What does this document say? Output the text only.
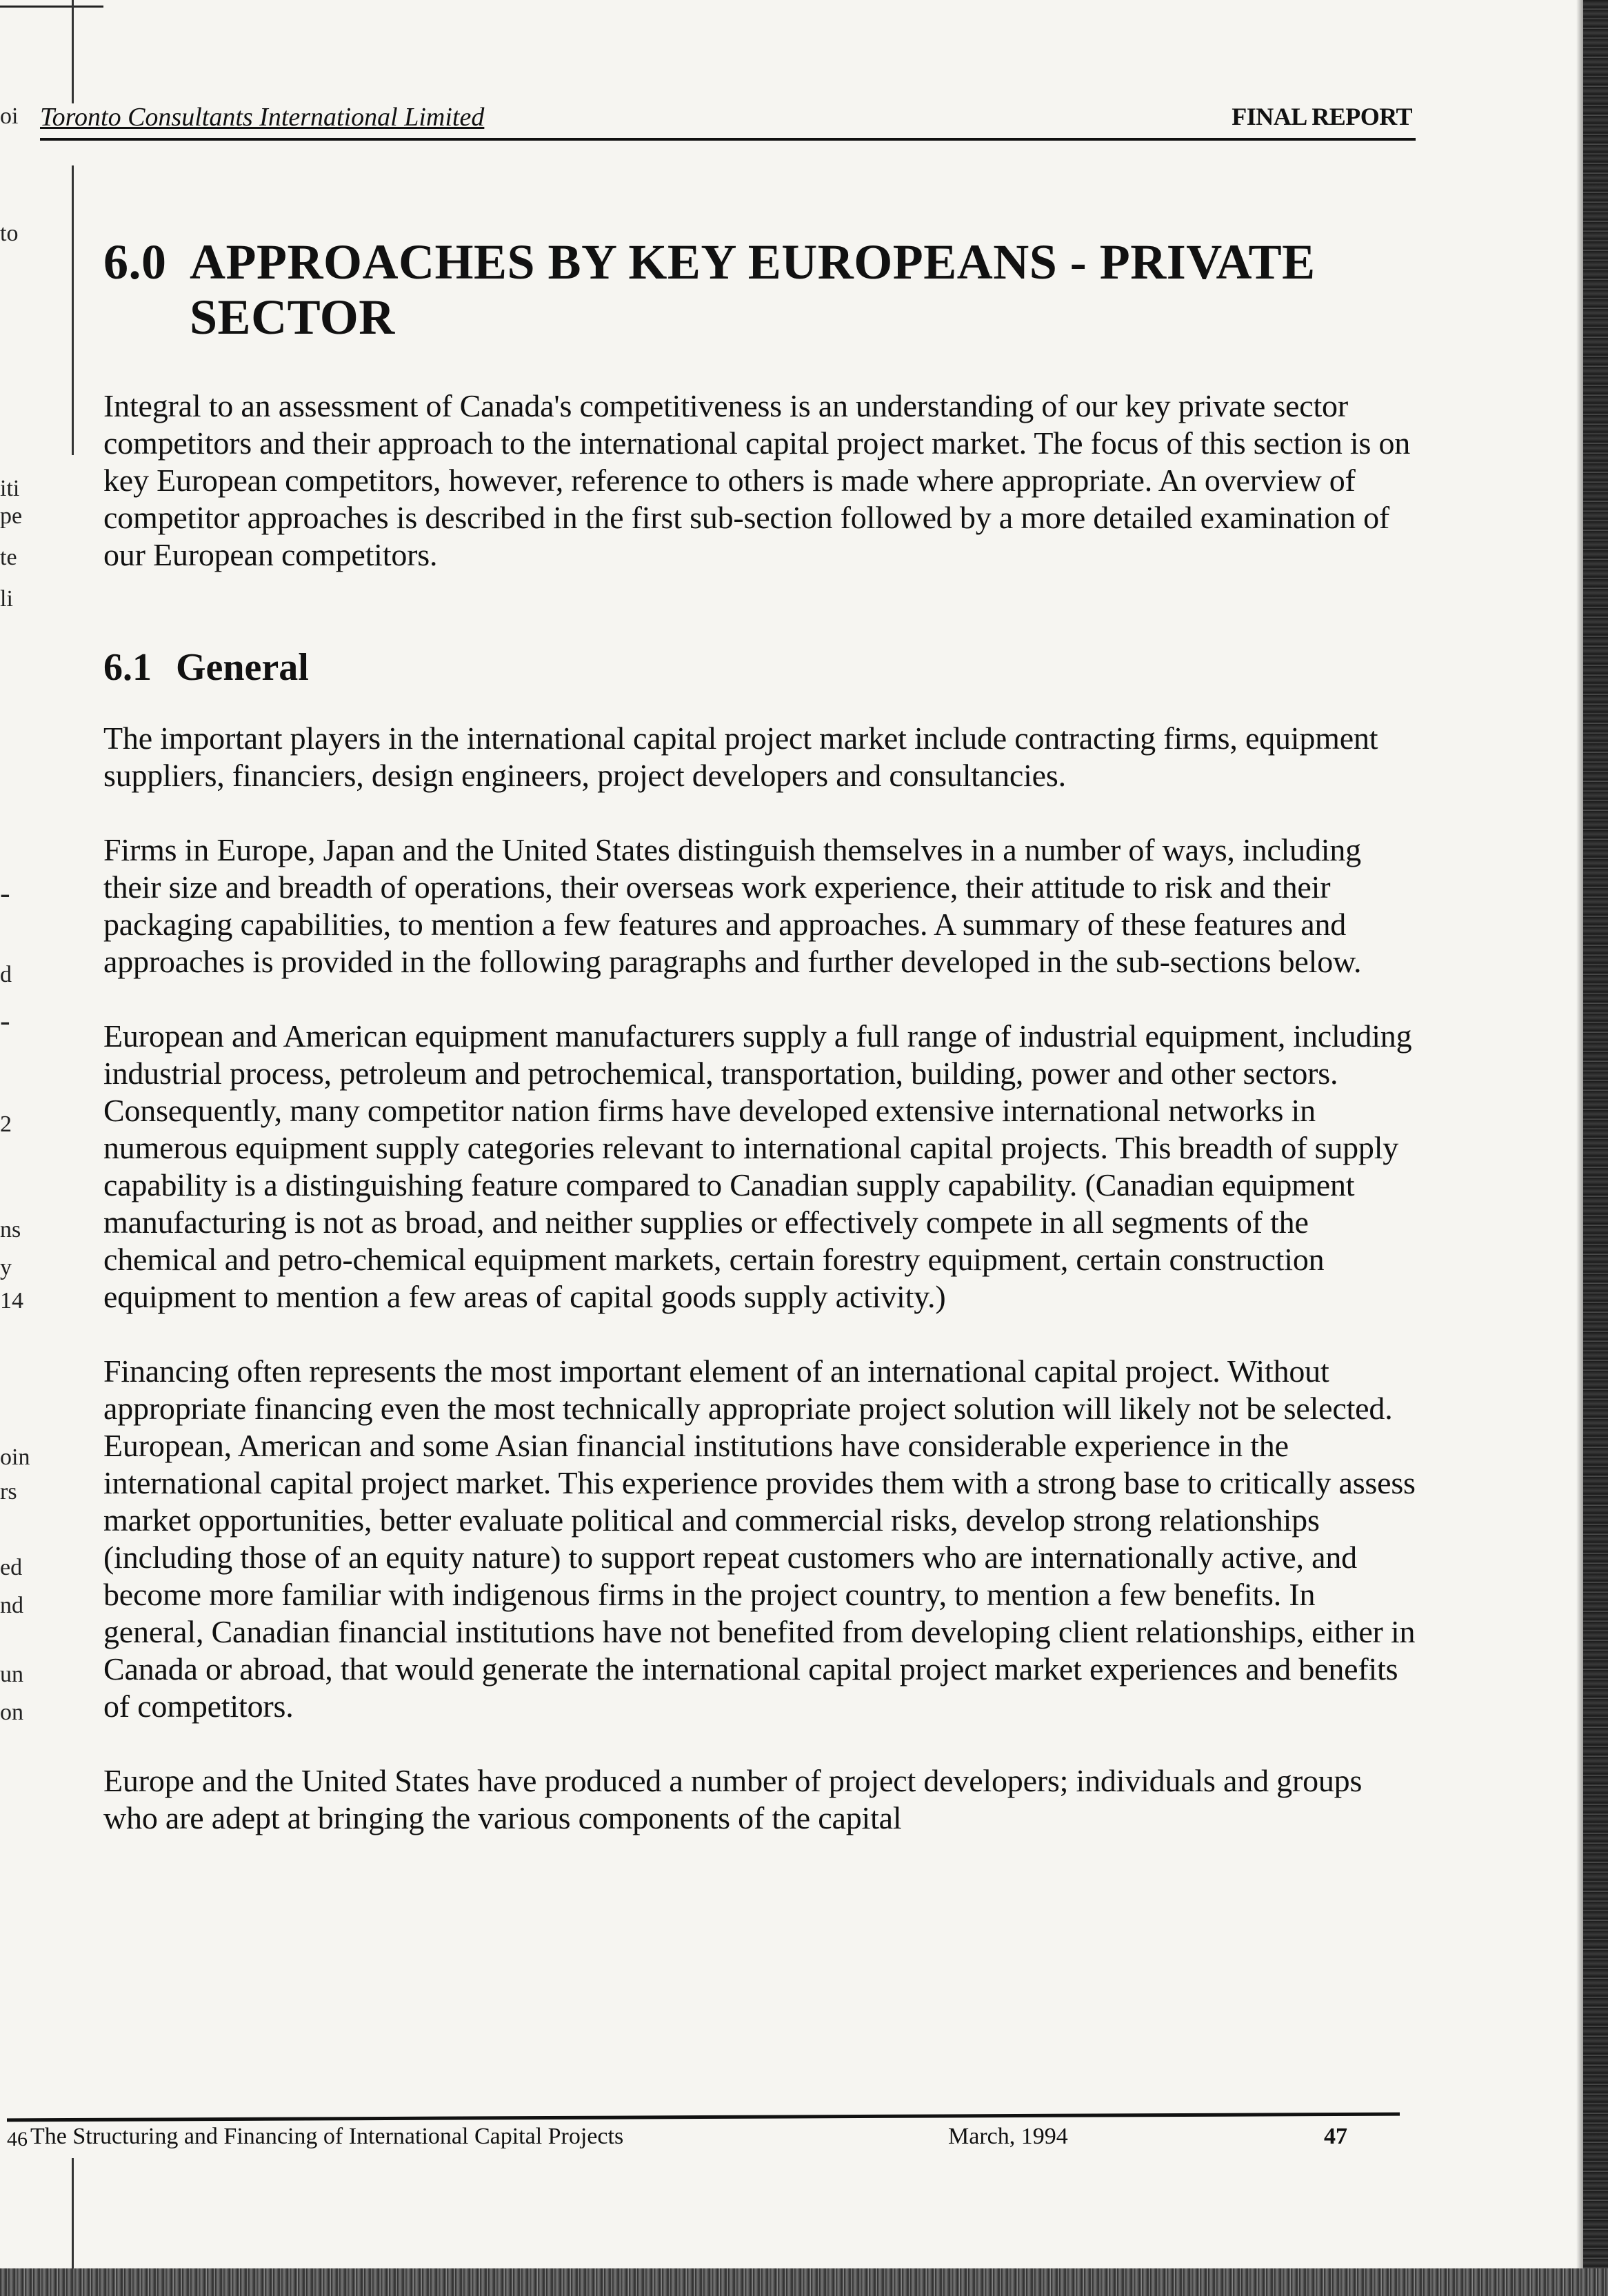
oi
to
iti
pe
te
li
-
d
-
2
ns
y
14
oin
rs
ed
nd
un
on
Toronto Consultants International Limited	FINAL REPORT
6.0 APPROACHES BY KEY EUROPEANS - PRIVATE SECTOR

Integral to an assessment of Canada's competitiveness is an understanding of our key private sector competitors and their approach to the international capital project market. The focus of this section is on key European competitors, however, reference to others is made where appropriate. An overview of competitor approaches is described in the first sub-section followed by a more detailed examination of our European competitors.

6.1 General

The important players in the international capital project market include contracting firms, equipment suppliers, financiers, design engineers, project developers and consultancies.

Firms in Europe, Japan and the United States distinguish themselves in a number of ways, including their size and breadth of operations, their overseas work experience, their attitude to risk and their packaging capabilities, to mention a few features and approaches. A summary of these features and approaches is provided in the following paragraphs and further developed in the sub-sections below.

European and American equipment manufacturers supply a full range of industrial equipment, including industrial process, petroleum and petrochemical, transportation, building, power and other sectors. Consequently, many competitor nation firms have developed extensive international networks in numerous equipment supply categories relevant to international capital projects. This breadth of supply capability is a distinguishing feature compared to Canadian supply capability. (Canadian equipment manufacturing is not as broad, and neither supplies or effectively compete in all segments of the chemical and petro-chemical equipment markets, certain forestry equipment, certain construction equipment to mention a few areas of capital goods supply activity.)

Financing often represents the most important element of an international capital project. Without appropriate financing even the most technically appropriate project solution will likely not be selected. European, American and some Asian financial institutions have considerable experience in the international capital project market. This experience provides them with a strong base to critically assess market opportunities, better evaluate political and commercial risks, develop strong relationships (including those of an equity nature) to support repeat customers who are internationally active, and become more familiar with indigenous firms in the project country, to mention a few benefits. In general, Canadian financial institutions have not benefited from developing client relationships, either in Canada or abroad, that would generate the international capital project market experiences and benefits of competitors.

Europe and the United States have produced a number of project developers; individuals and groups who are adept at bringing the various components of the capital

46 The Structuring and Financing of International Capital Projects	March, 1994	47
